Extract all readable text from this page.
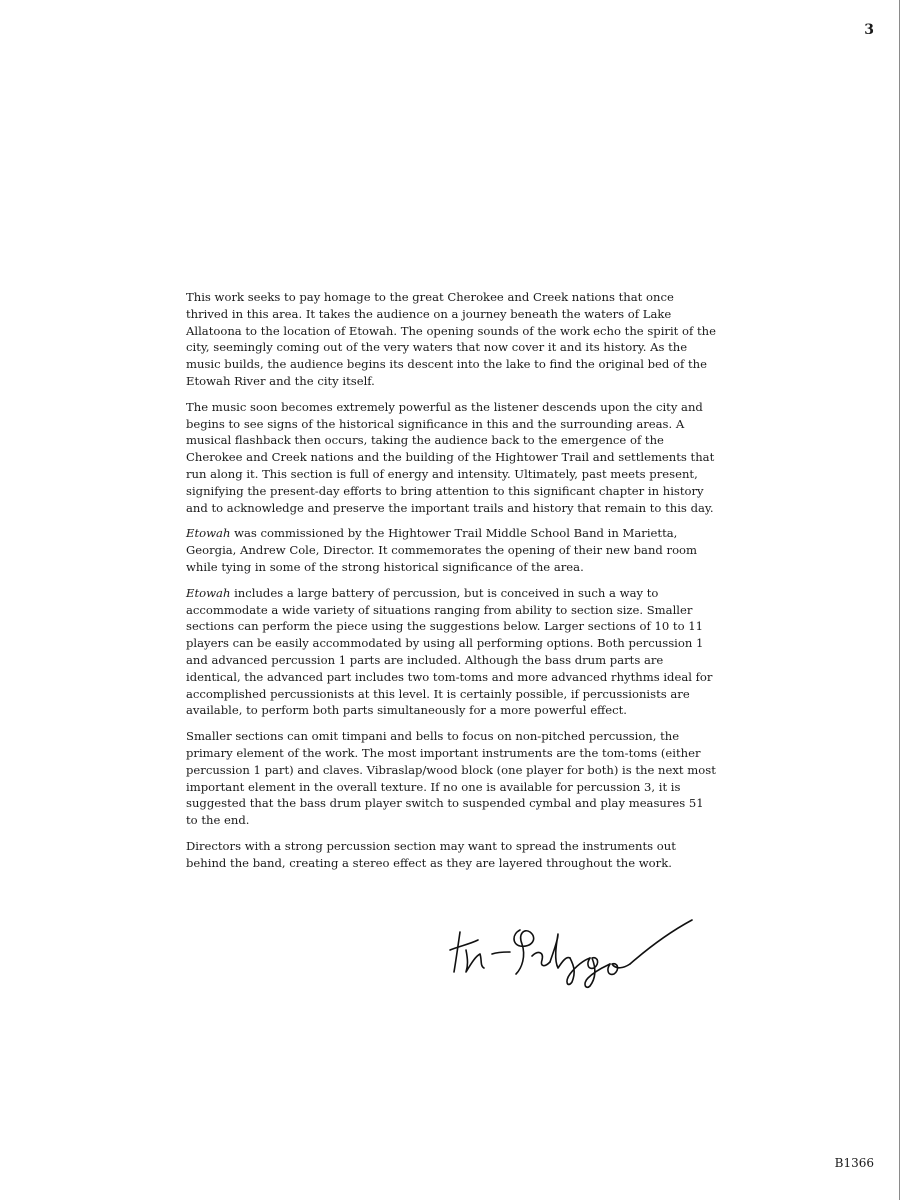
3

This work seeks to pay homage to the great Cherokee and Creek nations that once thrived in this area. It takes the audience on a journey beneath the waters of Lake Allatoona to the location of Etowah. The opening sounds of the work echo the spirit of the city, seemingly coming out of the very waters that now cover it and its history. As the music builds, the audience begins its descent into the lake to find the original bed of the Etowah River and the city itself.

The music soon becomes extremely powerful as the listener descends upon the city and begins to see signs of the historical significance in this and the surrounding areas. A musical flashback then occurs, taking the audience back to the emergence of the Cherokee and Creek nations and the building of the Hightower Trail and settlements that run along it. This section is full of energy and intensity. Ultimately, past meets present, signifying the present-day efforts to bring attention to this significant chapter in history and to acknowledge and preserve the important trails and history that remain to this day.

Etowah was commissioned by the Hightower Trail Middle School Band in Marietta, Georgia, Andrew Cole, Director. It commemorates the opening of their new band room while tying in some of the strong historical significance of the area.

Etowah includes a large battery of percussion, but is conceived in such a way to accommodate a wide variety of situations ranging from ability to section size. Smaller sections can perform the piece using the suggestions below. Larger sections of 10 to 11 players can be easily accommodated by using all performing options. Both percussion 1 and advanced percussion 1 parts are included. Although the bass drum parts are identical, the advanced part includes two tom-toms and more advanced rhythms ideal for accomplished percussionists at this level. It is certainly possible, if percussionists are available, to perform both parts simultaneously for a more powerful effect.

Smaller sections can omit timpani and bells to focus on non-pitched percussion, the primary element of the work. The most important instruments are the tom-toms (either percussion 1 part) and claves. Vibraslap/wood block (one player for both) is the next most important element in the overall texture. If no one is available for percussion 3, it is suggested that the bass drum player switch to suspended cymbal and play measures 51 to the end.

Directors with a strong percussion section may want to spread the instruments out behind the band, creating a stereo effect as they are layered throughout the work.

B1366
